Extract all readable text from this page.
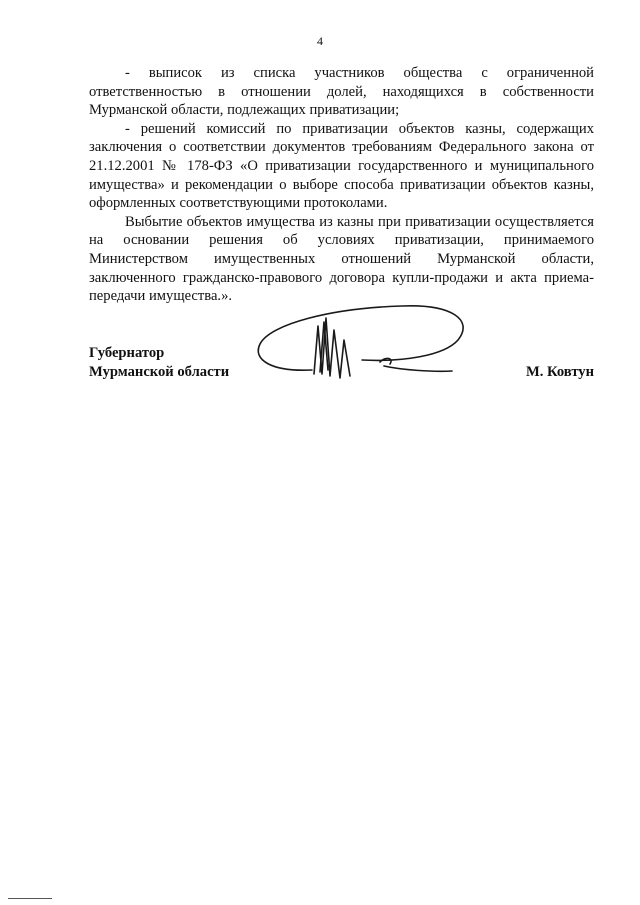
4

- выписок из списка участников общества с ограниченной ответственностью в отношении долей, находящихся в собственности Мурманской области, подлежащих приватизации;

- решений комиссий по приватизации объектов казны, содержащих заключения о соответствии документов требованиям Федерального закона от 21.12.2001 № 178-ФЗ «О приватизации государственного и муниципального имущества» и рекомендации о выборе способа приватизации объектов казны, оформленных соответствующими протоколами.

Выбытие объектов имущества из казны при приватизации осуществляется на основании решения об условиях приватизации, принимаемого Министерством имущественных отношений Мурманской области, заключенного гражданско-правового договора купли-продажи и акта приема-передачи имущества.».

Губернатор
Мурманской области	М. Ковтун
